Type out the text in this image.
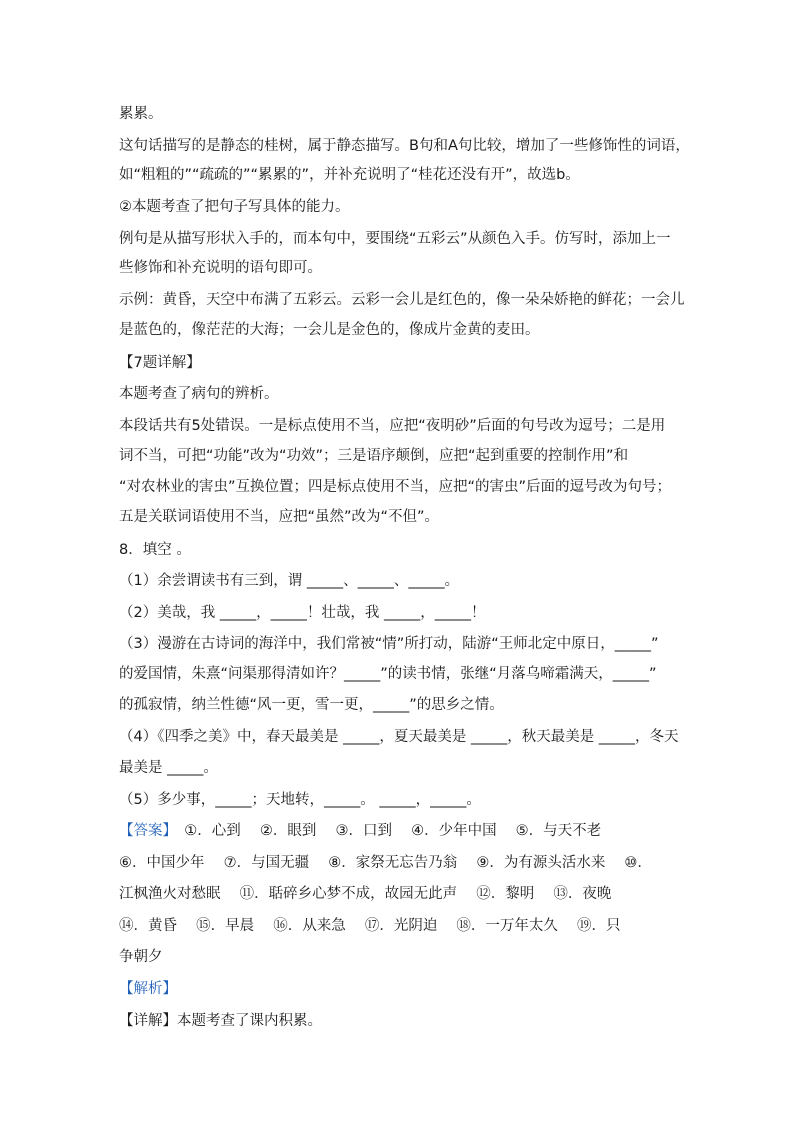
累累。
这句话描写的是静态的桂树，属于静态描写。B句和A句比较，增加了一些修饰性的词语，
如“粗粗的”“疏疏的”“累累的”，并补充说明了“桂花还没有开”，故选b。
②本题考查了把句子写具体的能力。
例句是从描写形状入手的，而本句中，要围绕“五彩云”从颜色入手。仿写时，添加上一
些修饰和补充说明的语句即可。
示例：黄昏，天空中布满了五彩云。云彩一会儿是红色的，像一朵朵娇艳的鲜花；一会儿
是蓝色的，像茫茫的大海；一会儿是金色的，像成片金黄的麦田。
【7题详解】
本题考查了病句的辨析。
本段话共有5处错误。一是标点使用不当，应把“夜明砂”后面的句号改为逗号；二是用
词不当，可把“功能”改为“功效”；三是语序颠倒，应把“起到重要的控制作用”和
“对农林业的害虫”互换位置；四是标点使用不当，应把“的害虫”后面的逗号改为句号；
五是关联词语使用不当，应把“虽然”改为“不但”。
8．填空 。
（1）余尝谓读书有三到，谓 _____、_____、_____。
（2）美哉，我 _____，_____！壮哉，我 _____，_____！
（3）漫游在古诗词的海洋中，我们常被“情”所打动，陆游“王师北定中原日，_____”
的爱国情，朱熹“问渠那得清如许？_____”的读书情，张继“月落乌啼霜满天，_____”
的孤寂情，纳兰性德“风一更，雪一更，_____”的思乡之情。
（4）《四季之美》中，春天最美是 _____，夏天最美是 _____，秋天最美是 _____，冬天
最美是 _____。
（5）多少事，_____；天地转，_____。 _____，_____。
【答案】　 ①．心到　 ②．眼到　 ③．口到　 ④．少年中国　 ⑤．与天不老
⑥．中国少年　 ⑦．与国无疆　 ⑧．家祭无忘告乃翁　 ⑨．为有源头活水来　 ⑩．
江枫渔火对愁眠　 ⑪．聒碎乡心梦不成，故园无此声　 ⑫．黎明　 ⑬．夜晚
⑭．黄昏　 ⑮．早晨　 ⑯．从来急　 ⑰．光阴迫　 ⑱．一万年太久　 ⑲．只
争朝夕
【解析】
【详解】本题考查了课内积累。
